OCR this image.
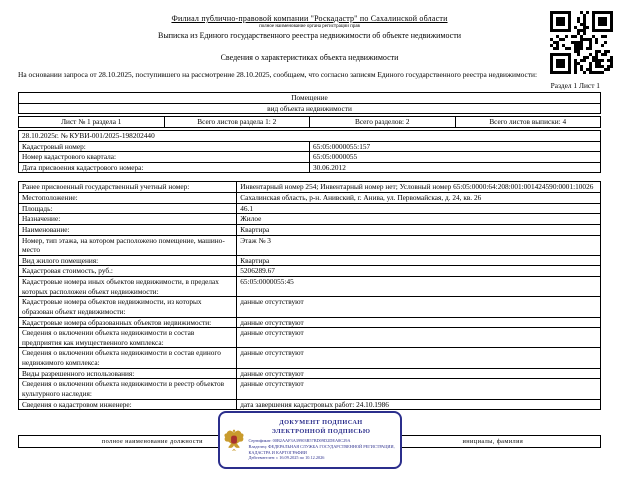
Филиал публично-правовой компании "Роскадастр" по Сахалинской области
полное наименование органа регистрации прав
Выписка из Единого государственного реестра недвижимости об объекте недвижимости
Сведения о характеристиках объекта недвижимости
На основании запроса от 28.10.2025, поступившего на рассмотрение 28.10.2025, сообщаем, что согласно записям Единого государственного реестра недвижимости:
Раздел 1 Лист 1
Помещение
вид объекта недвижимости
Лист № 1 раздела 1	Всего листов раздела 1: 2	Всего разделов: 2	Всего листов выписки: 4
28.10.2025г. № КУВИ-001/2025-198202440	
Кадастровый номер:	65:05:0000055:157
Номер кадастрового квартала:	65:05:0000055
Дата присвоения кадастрового номера:	30.06.2012
Ранее присвоенный государственный учетный номер:	Инвентарный номер 254; Инвентарный номер нет; Условный номер 65:05:0000:64:208:001:001424590:0001:10026
Местоположение:	Сахалинская область, р-н. Анивский, г. Анива, ул. Первомайская, д. 24, кв. 26
Площадь:	46.1
Назначение:	Жилое
Наименование:	Квартира
Номер, тип этажа, на котором расположено помещение, машино-место	Этаж № 3
Вид жилого помещения:	Квартира
Кадастровая стоимость, руб.:	5206289.67
Кадастровые номера иных объектов недвижимости, в пределах которых расположен объект недвижимости:	65:05:0000055:45
Кадастровые номера объектов недвижимости, из которых образован объект недвижимости:	данные отсутствуют
Кадастровые номера образованных объектов недвижимости:	данные отсутствуют
Сведения о включении объекта недвижимости в состав предприятия как имущественного комплекса:	данные отсутствуют
Сведения о включении объекта недвижимости в состав единого недвижимого комплекса:	данные отсутствуют
Виды разрешенного использования:	данные отсутствуют
Сведения о включении объекта недвижимости в реестр объектов культурного наследия:	данные отсутствуют
Сведения о кадастровом инженере:	дата завершения кадастровых работ: 24.10.1986
полное наименование должности		инициалы, фамилия
ДОКУМЕНТ ПОДПИСАН
ЭЛЕКТРОННОЙ ПОДПИСЬЮ
Сертификат: 00B2AAF3A39903B57BD09D2DEA8C29A
Владелец: ФЕДЕРАЛЬНАЯ СЛУЖБА ГОСУДАРСТВЕННОЙ РЕГИСТРАЦИИ, КАДАСТРА И КАРТОГРАФИИ
Действителен: с 16.09.2025 по 10.12.2026
